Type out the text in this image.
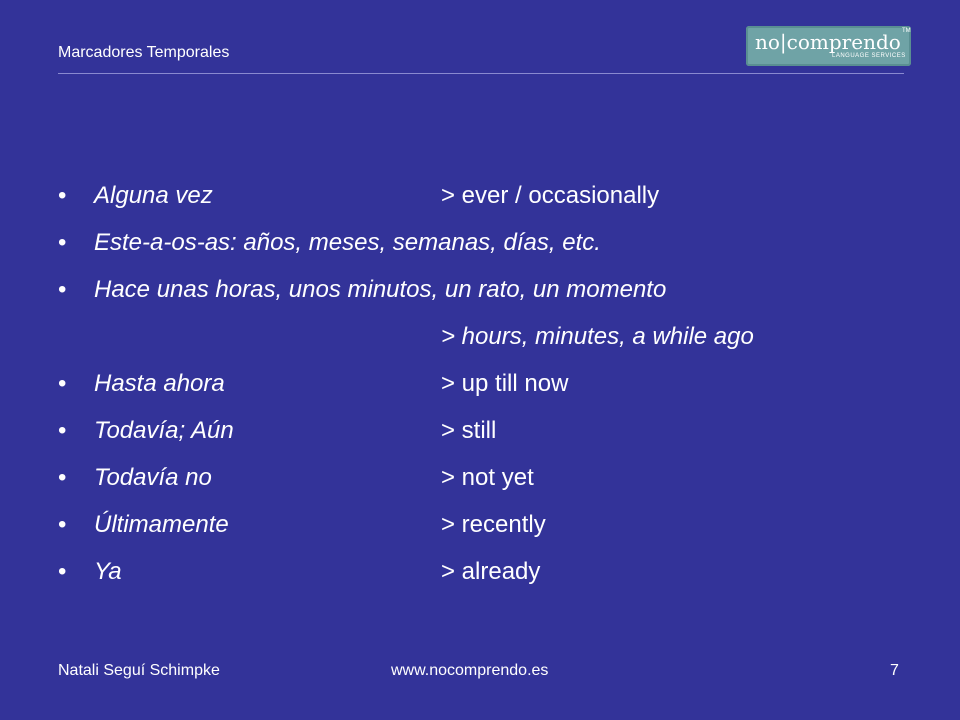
Marcadores Temporales	no|comprendo
LANGUAGE SERVICES
TM
• Alguna vez	> ever / occasionally
• Este-a-os-as: años, meses, semanas, días, etc.
• Hace unas horas, unos minutos, un rato, un momento
> hours, minutes, a while ago
• Hasta ahora	> up till now
• Todavía; Aún	> still
• Todavía no	> not yet
• Últimamente	> recently
• Ya	> already
Natali Seguí Schimpke	www.nocomprendo.es	7
